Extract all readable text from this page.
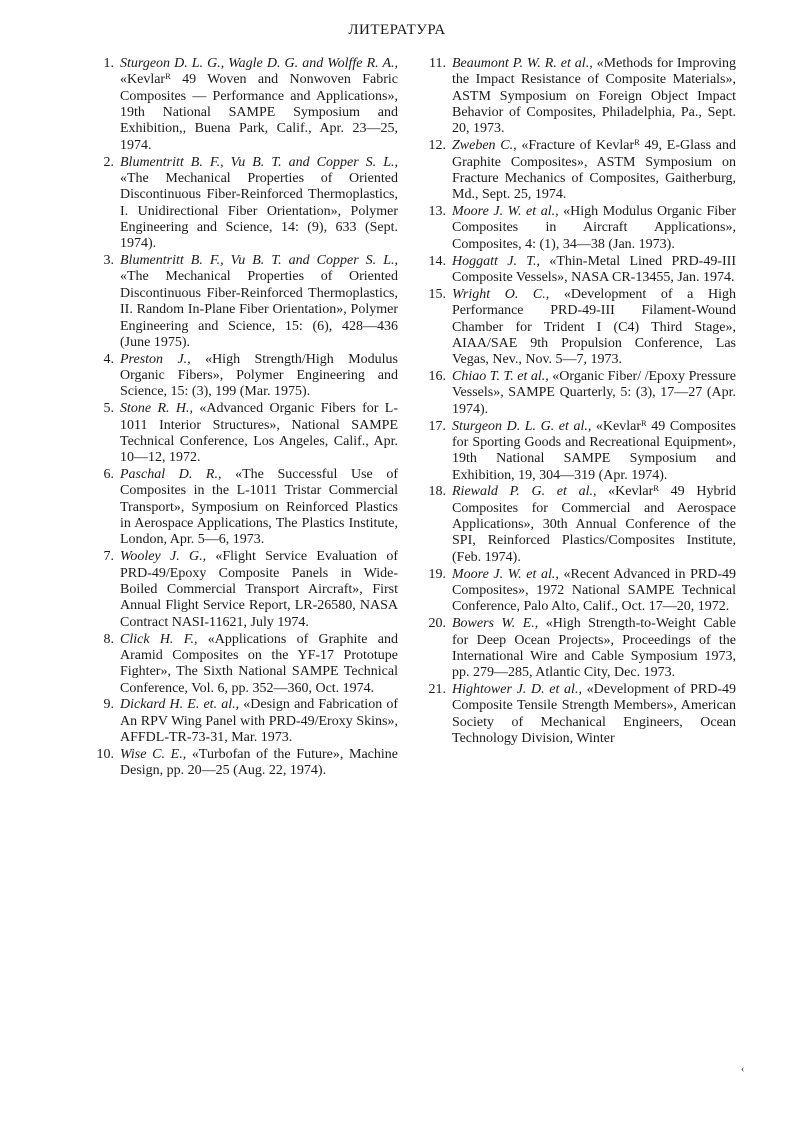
ЛИТЕРАТУРА
1. Sturgeon D. L. G., Wagle D. G. and Wolffe R. A., «Kevlarᴿ 49 Woven and Nonwoven Fabric Composites — Performance and Applications», 19th National SAMPE Symposium and Exhibition,, Buena Park, Calif., Apr. 23—25, 1974.
2. Blumentritt B. F., Vu B. T. and Copper S. L., «The Mechanical Properties of Oriented Discontinuous Fiber-Reinforced Thermoplastics, I. Unidirectional Fiber Orientation», Polymer Engineering and Science, 14: (9), 633 (Sept. 1974).
3. Blumentritt B. F., Vu B. T. and Copper S. L., «The Mechanical Properties of Oriented Discontinuous Fiber-Reinforced Thermoplastics, II. Random In-Plane Fiber Orientation», Polymer Engineering and Science, 15: (6), 428—436 (June 1975).
4. Preston J., «High Strength/High Modulus Organic Fibers», Polymer Engineering and Science, 15: (3), 199 (Mar. 1975).
5. Stone R. H., «Advanced Organic Fibers for L-1011 Interior Structures», National SAMPE Technical Conference, Los Angeles, Calif., Apr. 10—12, 1972.
6. Paschal D. R., «The Successful Use of Composites in the L-1011 Tristar Commercial Transport», Symposium on Reinforced Plastics in Aerospace Applications, The Plastics Institute, London, Apr. 5—6, 1973.
7. Wooley J. G., «Flight Service Evaluation of PRD-49/Epoxy Composite Panels in Wide-Boiled Commercial Transport Aircraft», First Annual Flight Service Report, LR-26580, NASA Contract NASI-11621, July 1974.
8. Click H. F., «Applications of Graphite and Aramid Composites on the YF-17 Prototupe Fighter», The Sixth National SAMPE Technical Conference, Vol. 6, pp. 352—360, Oct. 1974.
9. Dickard H. E. et. al., «Design and Fabrication of An RPV Wing Panel with PRD-49/Eroxy Skins», AFFDL-TR-73-31, Mar. 1973.
10. Wise C. E., «Turbofan of the Future», Machine Design, pp. 20—25 (Aug. 22, 1974).
11. Beaumont P. W. R. et al., «Methods for Improving the Impact Resistance of Composite Materials», ASTM Symposium on Foreign Object Impact Behavior of Composites, Philadelphia, Pa., Sept. 20, 1973.
12. Zweben C., «Fracture of Kevlarᴿ 49, E-Glass and Graphite Composites», ASTM Symposium on Fracture Mechanics of Composites, Gaitherburg, Md., Sept. 25, 1974.
13. Moore J. W. et al., «High Modulus Organic Fiber Composites in Aircraft Applications», Composites, 4: (1), 34—38 (Jan. 1973).
14. Hoggatt J. T., «Thin-Metal Lined PRD-49-III Composite Vessels», NASA CR-13455, Jan. 1974.
15. Wright O. C., «Development of a High Performance PRD-49-III Filament-Wound Chamber for Trident I (C4) Third Stage», AIAA/SAE 9th Propulsion Conference, Las Vegas, Nev., Nov. 5—7, 1973.
16. Chiao T. T. et al., «Organic Fiber/ /Epoxy Pressure Vessels», SAMPE Quarterly, 5: (3), 17—27 (Apr. 1974).
17. Sturgeon D. L. G. et al., «Kevlarᴿ 49 Composites for Sporting Goods and Recreational Equipment», 19th National SAMPE Symposium and Exhibition, 19, 304—319 (Apr. 1974).
18. Riewald P. G. et al., «Kevlarᴿ 49 Hybrid Composites for Commercial and Aerospace Applications», 30th Annual Conference of the SPI, Reinforced Plastics/Composites Institute, (Feb. 1974).
19. Moore J. W. et al., «Recent Advanced in PRD-49 Composites», 1972 National SAMPE Technical Conference, Palo Alto, Calif., Oct. 17—20, 1972.
20. Bowers W. E., «High Strength-to-Weight Cable for Deep Ocean Projects», Proceedings of the International Wire and Cable Symposium 1973, pp. 279—285, Atlantic City, Dec. 1973.
21. Hightower J. D. et al., «Development of PRD-49 Composite Tensile Strength Members», American Society of Mechanical Engineers, Ocean Technology Division, Winter
‹
